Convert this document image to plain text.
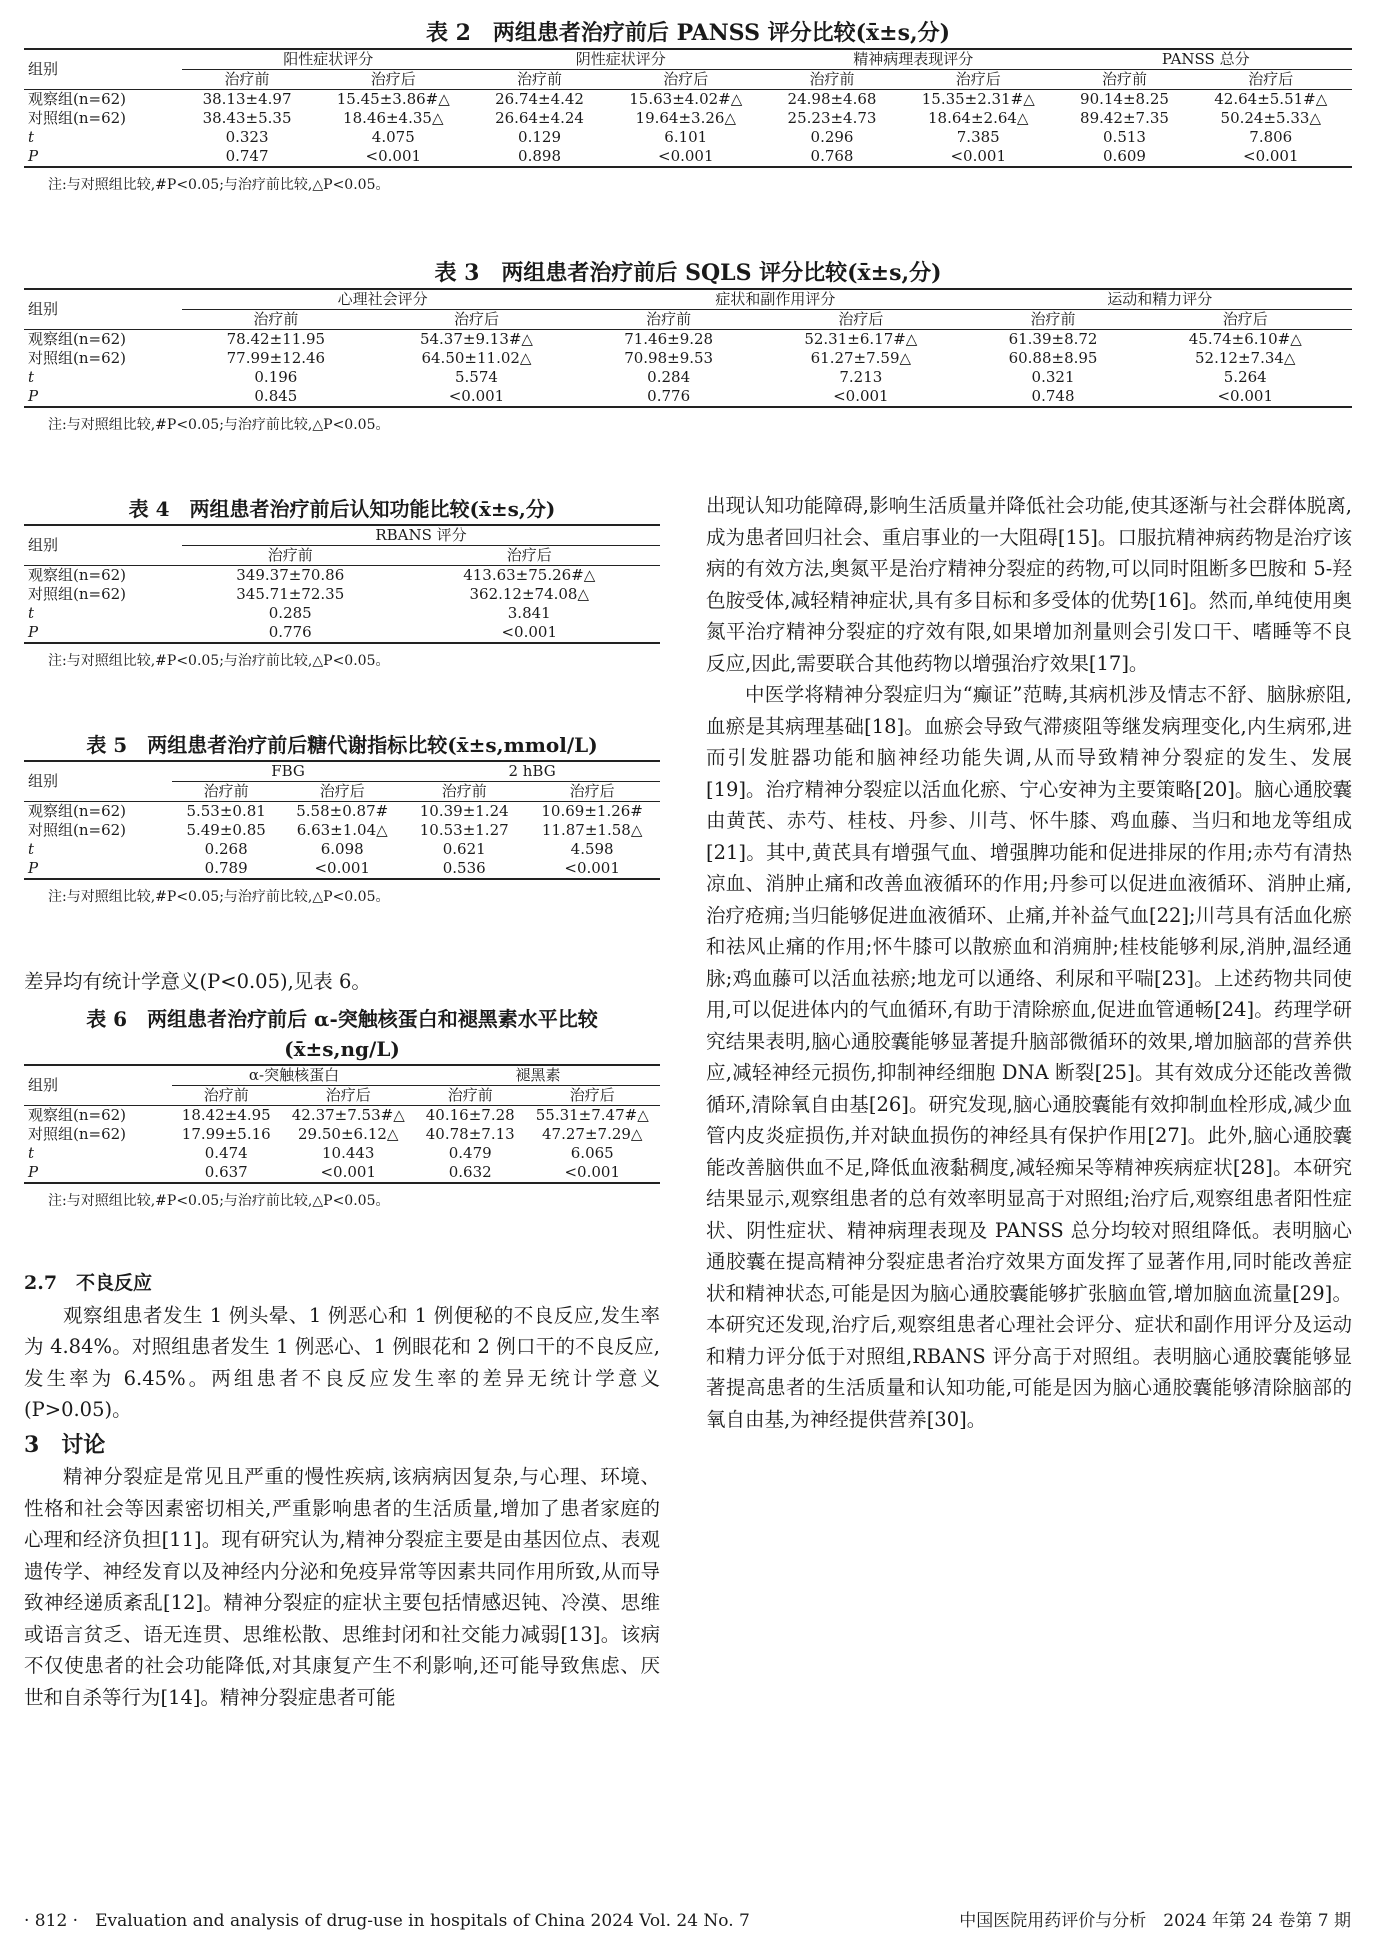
表 2　两组患者治疗前后 PANSS 评分比较(x̄±s,分)
组别	阳性症状评分		阴性症状评分		精神病理表现评分		PANSS 总分	
	治疗前	治疗后	治疗前	治疗后	治疗前	治疗后	治疗前	治疗后
观察组(n=62)	38.13±4.97	15.45±3.86#△	26.74±4.42	15.63±4.02#△	24.98±4.68	15.35±2.31#△	90.14±8.25	42.64±5.51#△
对照组(n=62)	38.43±5.35	18.46±4.35△	26.64±4.24	19.64±3.26△	25.23±4.73	18.64±2.64△	89.42±7.35	50.24±5.33△
t	0.323	4.075	0.129	6.101	0.296	7.385	0.513	7.806
P	0.747	<0.001	0.898	<0.001	0.768	<0.001	0.609	<0.001
注:与对照组比较,#P<0.05;与治疗前比较,△P<0.05。
表 3　两组患者治疗前后 SQLS 评分比较(x̄±s,分)
组别	心理社会评分		症状和副作用评分		运动和精力评分	
	治疗前	治疗后	治疗前	治疗后	治疗前	治疗后
观察组(n=62)	78.42±11.95	54.37±9.13#△	71.46±9.28	52.31±6.17#△	61.39±8.72	45.74±6.10#△
对照组(n=62)	77.99±12.46	64.50±11.02△	70.98±9.53	61.27±7.59△	60.88±8.95	52.12±7.34△
t	0.196	5.574	0.284	7.213	0.321	5.264
P	0.845	<0.001	0.776	<0.001	0.748	<0.001
注:与对照组比较,#P<0.05;与治疗前比较,△P<0.05。
表 4　两组患者治疗前后认知功能比较(x̄±s,分)
组别	RBANS 评分	
	治疗前	治疗后
观察组(n=62)	349.37±70.86	413.63±75.26#△
对照组(n=62)	345.71±72.35	362.12±74.08△
t	0.285	3.841
P	0.776	<0.001
注:与对照组比较,#P<0.05;与治疗前比较,△P<0.05。
表 5　两组患者治疗前后糖代谢指标比较(x̄±s,mmol/L)
组别	FBG		2 hBG	
	治疗前	治疗后	治疗前	治疗后
观察组(n=62)	5.53±0.81	5.58±0.87#	10.39±1.24	10.69±1.26#
对照组(n=62)	5.49±0.85	6.63±1.04△	10.53±1.27	11.87±1.58△
t	0.268	6.098	0.621	4.598
P	0.789	<0.001	0.536	<0.001
注:与对照组比较,#P<0.05;与治疗前比较,△P<0.05。

差异均有统计学意义(P<0.05),见表 6。

表 6　两组患者治疗前后 α-突触核蛋白和褪黑素水平比较
(x̄±s,ng/L)
组别	α-突触核蛋白		褪黑素	
	治疗前	治疗后	治疗前	治疗后
观察组(n=62)	18.42±4.95	42.37±7.53#△	40.16±7.28	55.31±7.47#△
对照组(n=62)	17.99±5.16	29.50±6.12△	40.78±7.13	47.27±7.29△
t	0.474	10.443	0.479	6.065
P	0.637	<0.001	0.632	<0.001
注:与对照组比较,#P<0.05;与治疗前比较,△P<0.05。
2.7　不良反应

观察组患者发生 1 例头晕、1 例恶心和 1 例便秘的不良反应,发生率为 4.84%。对照组患者发生 1 例恶心、1 例眼花和 2 例口干的不良反应,发生率为 6.45%。两组患者不良反应发生率的差异无统计学意义(P>0.05)。

3　讨论

精神分裂症是常见且严重的慢性疾病,该病病因复杂,与心理、环境、性格和社会等因素密切相关,严重影响患者的生活质量,增加了患者家庭的心理和经济负担[11]。现有研究认为,精神分裂症主要是由基因位点、表观遗传学、神经发育以及神经内分泌和免疫异常等因素共同作用所致,从而导致神经递质紊乱[12]。精神分裂症的症状主要包括情感迟钝、冷漠、思维或语言贫乏、语无连贯、思维松散、思维封闭和社交能力减弱[13]。该病不仅使患者的社会功能降低,对其康复产生不利影响,还可能导致焦虑、厌世和自杀等行为[14]。精神分裂症患者可能

出现认知功能障碍,影响生活质量并降低社会功能,使其逐渐与社会群体脱离,成为患者回归社会、重启事业的一大阻碍[15]。口服抗精神病药物是治疗该病的有效方法,奥氮平是治疗精神分裂症的药物,可以同时阻断多巴胺和 5-羟色胺受体,减轻精神症状,具有多目标和多受体的优势[16]。然而,单纯使用奥氮平治疗精神分裂症的疗效有限,如果增加剂量则会引发口干、嗜睡等不良反应,因此,需要联合其他药物以增强治疗效果[17]。

中医学将精神分裂症归为“癫证”范畴,其病机涉及情志不舒、脑脉瘀阻,血瘀是其病理基础[18]。血瘀会导致气滞痰阻等继发病理变化,内生病邪,进而引发脏器功能和脑神经功能失调,从而导致精神分裂症的发生、发展[19]。治疗精神分裂症以活血化瘀、宁心安神为主要策略[20]。脑心通胶囊由黄芪、赤芍、桂枝、丹参、川芎、怀牛膝、鸡血藤、当归和地龙等组成[21]。其中,黄芪具有增强气血、增强脾功能和促进排尿的作用;赤芍有清热凉血、消肿止痛和改善血液循环的作用;丹参可以促进血液循环、消肿止痛,治疗疮痈;当归能够促进血液循环、止痛,并补益气血[22];川芎具有活血化瘀和祛风止痛的作用;怀牛膝可以散瘀血和消痈肿;桂枝能够利尿,消肿,温经通脉;鸡血藤可以活血祛瘀;地龙可以通络、利尿和平喘[23]。上述药物共同使用,可以促进体内的气血循环,有助于清除瘀血,促进血管通畅[24]。药理学研究结果表明,脑心通胶囊能够显著提升脑部微循环的效果,增加脑部的营养供应,减轻神经元损伤,抑制神经细胞 DNA 断裂[25]。其有效成分还能改善微循环,清除氧自由基[26]。研究发现,脑心通胶囊能有效抑制血栓形成,减少血管内皮炎症损伤,并对缺血损伤的神经具有保护作用[27]。此外,脑心通胶囊能改善脑供血不足,降低血液黏稠度,减轻痴呆等精神疾病症状[28]。本研究结果显示,观察组患者的总有效率明显高于对照组;治疗后,观察组患者阳性症状、阴性症状、精神病理表现及 PANSS 总分均较对照组降低。表明脑心通胶囊在提高精神分裂症患者治疗效果方面发挥了显著作用,同时能改善症状和精神状态,可能是因为脑心通胶囊能够扩张脑血管,增加脑血流量[29]。本研究还发现,治疗后,观察组患者心理社会评分、症状和副作用评分及运动和精力评分低于对照组,RBANS 评分高于对照组。表明脑心通胶囊能够显著提高患者的生活质量和认知功能,可能是因为脑心通胶囊能够清除脑部的氧自由基,为神经提供营养[30]。

· 812 ·　Evaluation and analysis of drug-use in hospitals of China 2024 Vol. 24 No. 7	中国医院用药评价与分析　2024 年第 24 卷第 7 期
